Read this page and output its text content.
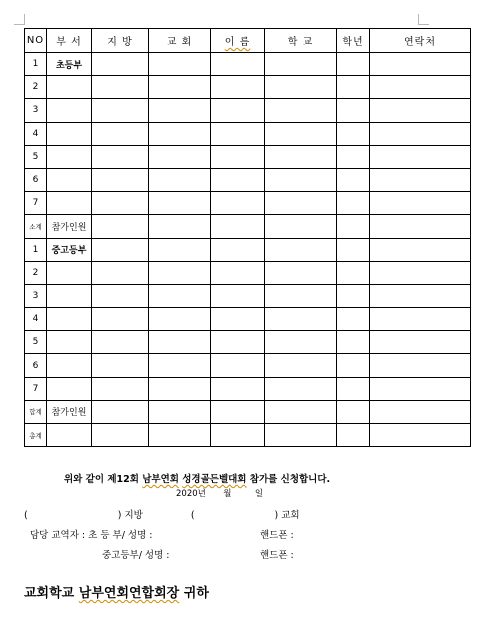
NO	부 서	지 방	교 회	이 름	학 교	학년	연락처
1	초등부						
2							
3							
4							
5							
6							
7							
소계	참가인원						
1	중고등부						
2							
3							
4							
5							
6							
7							
합계	참가인원						
총계							
위와 같이 제12회 남부연회 성경골든벨대회 참가를 신청합니다.
2020년 월	일
(	) 지방	(	) 교회
담당 교역자 : 초 등 부/ 성명 :	핸드폰 :
중고등부/ 성명 :	핸드폰 :
교회학교 남부연회연합회장 귀하
